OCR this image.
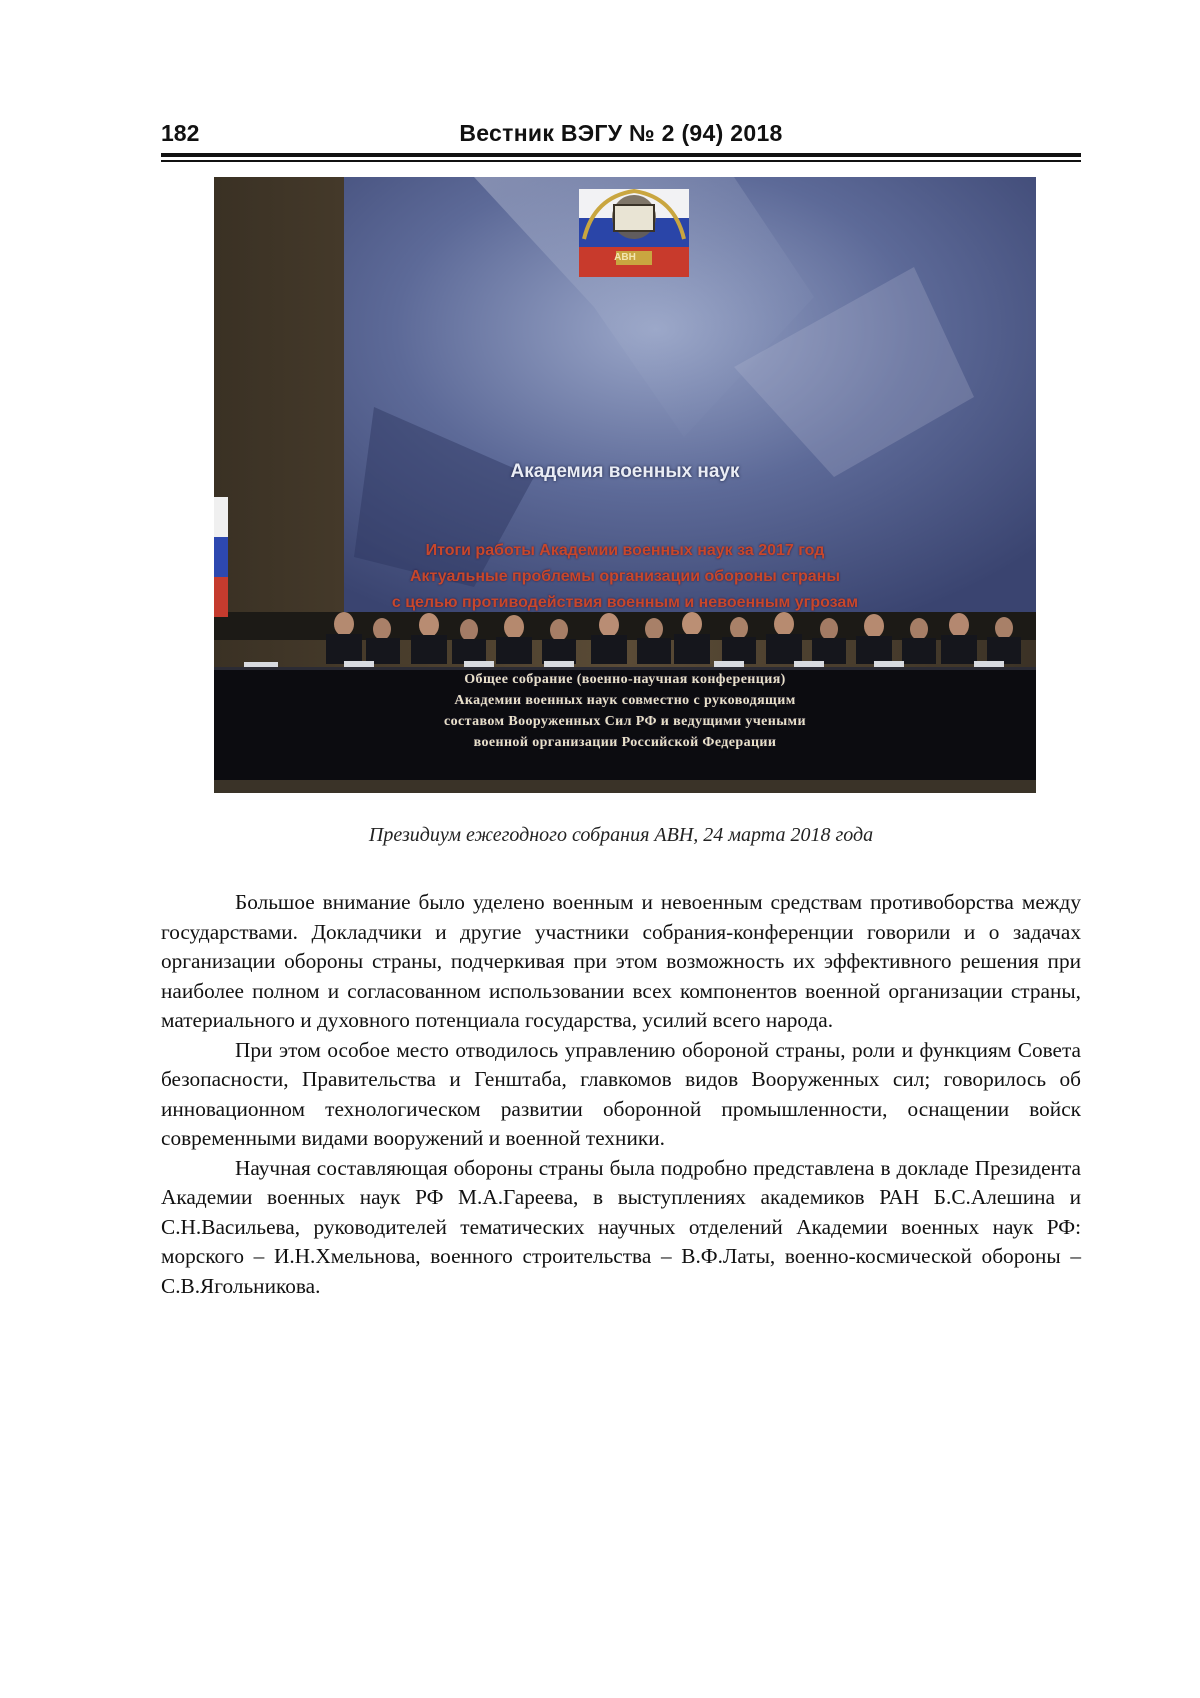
182	Вестник ВЭГУ № 2 (94) 2018
Академия военных наук
Итоги работы Академии военных наук за 2017 год
Актуальные проблемы организации обороны страны
с целью противодействия военным и невоенным угрозам
Общее собрание (военно-научная конференция)
Академии военных наук совместно с руководящим
составом Вооруженных Сил РФ и ведущими учеными
военной организации Российской Федерации
АВН
Президиум ежегодного собрания АВН, 24 марта 2018 года

Большое внимание было уделено военным и невоенным средствам противоборства между государствами. Докладчики и другие участники собрания-конференции говорили и о задачах организации обороны страны, подчеркивая при этом возможность их эффективного решения при наиболее полном и согласованном использовании всех компонентов военной организации страны, материального и духовного потенциала государства, усилий всего народа.

При этом особое место отводилось управлению обороной страны, роли и функциям Совета безопасности, Правительства и Генштаба, главкомов видов Вооруженных сил; говорилось об инновационном технологическом развитии оборонной промышленности, оснащении войск современными видами вооружений и военной техники.

Научная составляющая обороны страны была подробно представлена в докладе Президента Академии военных наук РФ М.А.Гареева, в выступлениях академиков РАН Б.С.Алешина и С.Н.Васильева, руководителей тематических научных отделений Академии военных наук РФ: морского – И.Н.Хмельнова, военного строительства – В.Ф.Латы, военно-космической обороны – С.В.Ягольникова.
